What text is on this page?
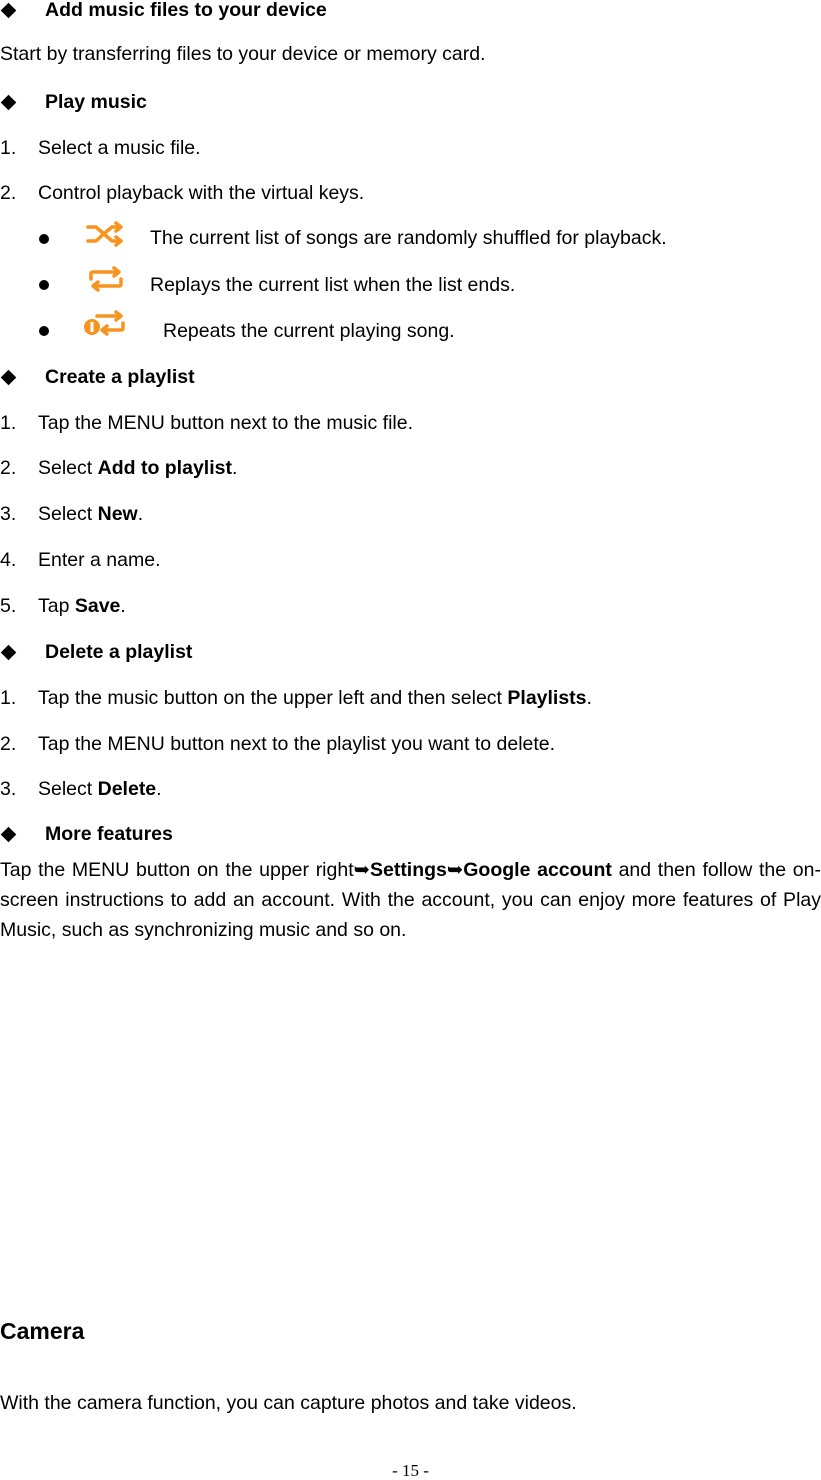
Add music files to your device
Start by transferring files to your device or memory card.
Play music
1. Select a music file.
2. Control playback with the virtual keys.
The current list of songs are randomly shuffled for playback.
Replays the current list when the list ends.
Repeats the current playing song.
Create a playlist
1. Tap the MENU button next to the music file.
2. Select Add to playlist.
3. Select New.
4. Enter a name.
5. Tap Save.
Delete a playlist
1. Tap the music button on the upper left and then select Playlists.
2. Tap the MENU button next to the playlist you want to delete.
3. Select Delete.
More features
Tap the MENU button on the upper right➥Settings➥Google account and then follow the on-screen instructions to add an account. With the account, you can enjoy more features of Play Music, such as synchronizing music and so on.
Camera
With the camera function, you can capture photos and take videos.
- 15 -
